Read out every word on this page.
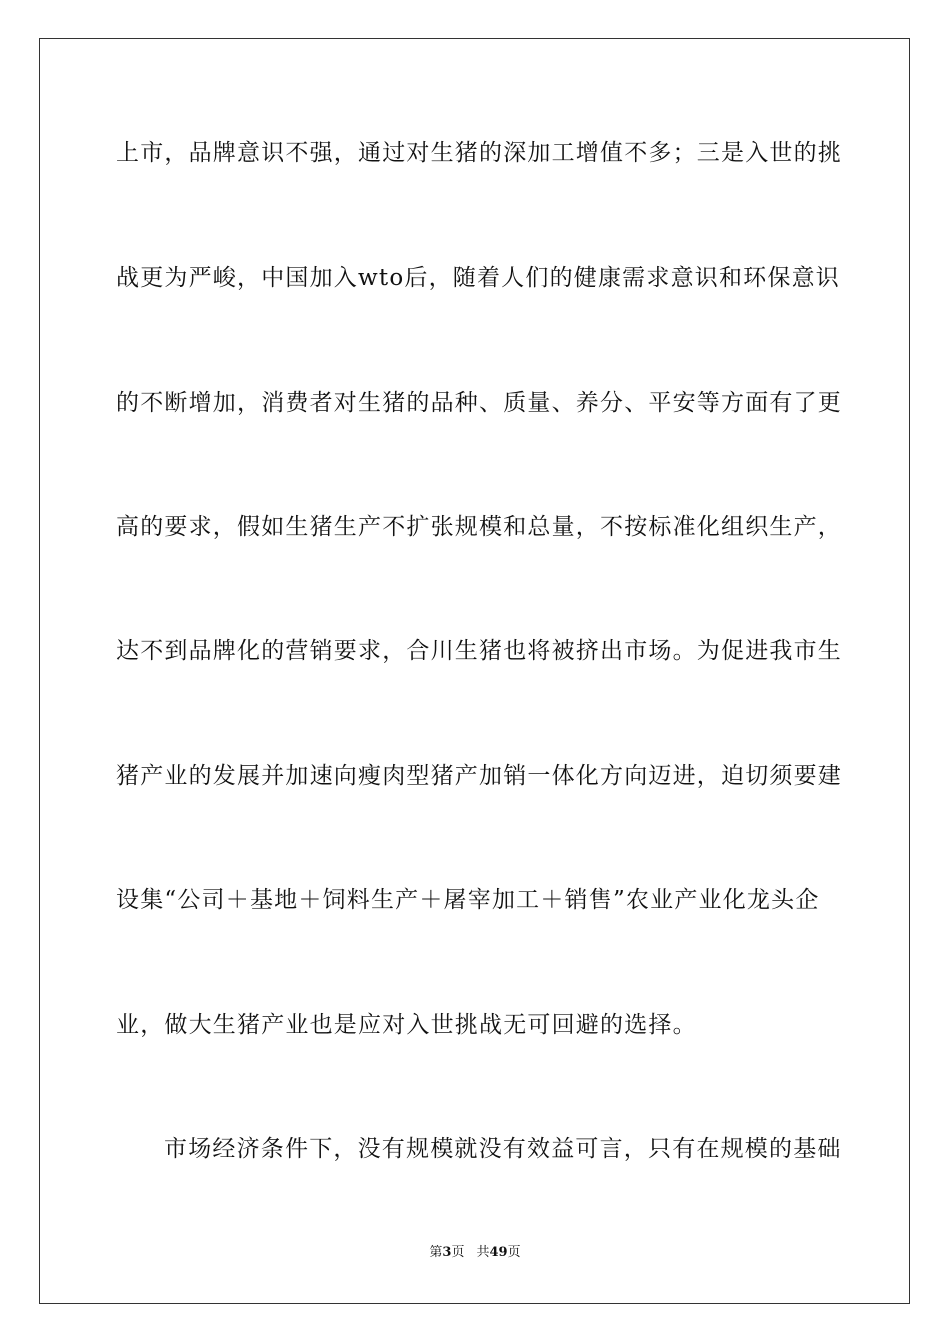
上市，品牌意识不强，通过对生猪的深加工增值不多；三是入世的挑
战更为严峻，中国加入wto后，随着人们的健康需求意识和环保意识
的不断增加，消费者对生猪的品种、质量、养分、平安等方面有了更
高的要求，假如生猪生产不扩张规模和总量，不按标准化组织生产，
达不到品牌化的营销要求，合川生猪也将被挤出市场。为促进我市生
猪产业的发展并加速向瘦肉型猪产加销一体化方向迈进，迫切须要建
设集“公司＋基地＋饲料生产＋屠宰加工＋销售”农业产业化龙头企
业，做大生猪产业也是应对入世挑战无可回避的选择。
市场经济条件下，没有规模就没有效益可言，只有在规模的基础
第3页 共49页
